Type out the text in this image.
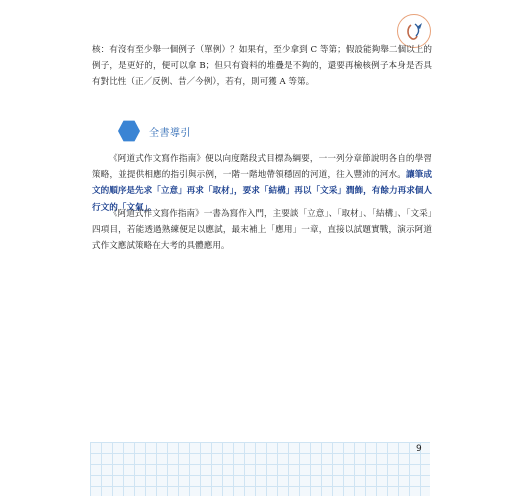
核：有沒有至少舉一個例子（單例）？如果有，至少拿到 C 等第；假設能夠舉二個以上的例子，是更好的，便可以拿 B；但只有資料的堆疊是不夠的，還要再檢核例子本身是否具有對比性（正／反例、昔／今例），若有，則可獲 A 等第。

全書導引

《阿道式作文寫作指南》便以向度階段式目標為綱要，一一列分章節說明各自的學習策略，並提供相應的指引與示例，一階一階地帶領穩固的河道，往入豐沛的河水。讓筆成文的順序是先求「立意」再求「取材」，要求「結構」再以「文采」潤飾，有餘力再求個人行文的「文氣」。

《阿道式作文寫作指南》一書為寫作入門，主要談「立意」、「取材」、「結構」、「文采」四項目，若能透過熟練便足以應試，最末補上「應用」一章，直接以試題實戰，演示阿道式作文應試策略在大考的具體應用。

9
